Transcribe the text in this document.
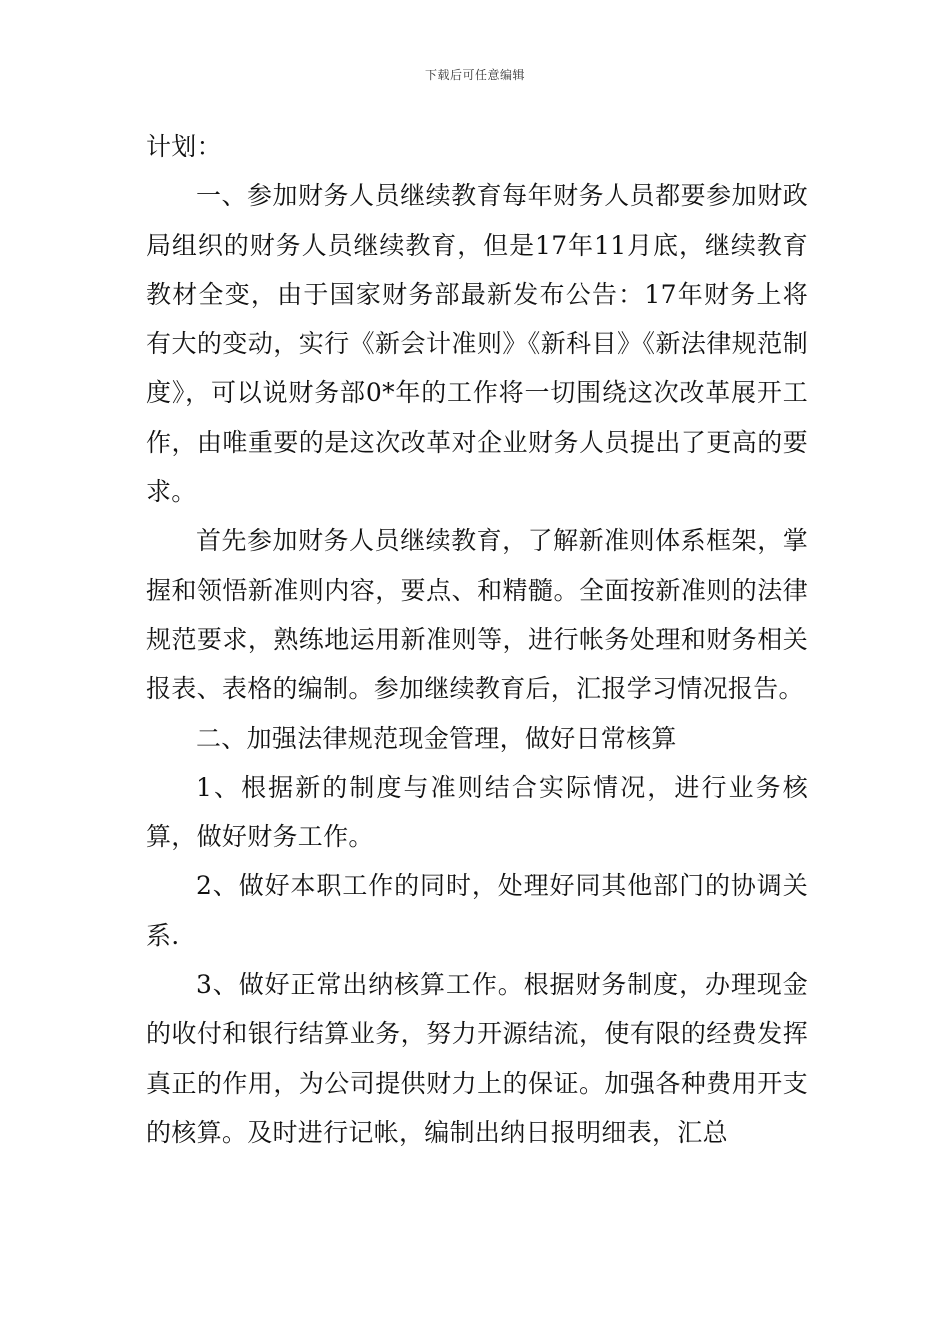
下载后可任意编辑

计划：

一、参加财务人员继续教育每年财务人员都要参加财政局组织的财务人员继续教育，但是17年11月底，继续教育教材全变，由于国家财务部最新发布公告：17年财务上将有大的变动，实行《新会计准则》《新科目》《新法律规范制度》，可以说财务部0*年的工作将一切围绕这次改革展开工作，由唯重要的是这次改革对企业财务人员提出了更高的要求。

首先参加财务人员继续教育，了解新准则体系框架，掌握和领悟新准则内容，要点、和精髓。全面按新准则的法律规范要求，熟练地运用新准则等，进行帐务处理和财务相关报表、表格的编制。参加继续教育后，汇报学习情况报告。

二、加强法律规范现金管理，做好日常核算

1、根据新的制度与准则结合实际情况，进行业务核算，做好财务工作。

2、做好本职工作的同时，处理好同其他部门的协调关系.

3、做好正常出纳核算工作。根据财务制度，办理现金的收付和银行结算业务，努力开源结流，使有限的经费发挥真正的作用，为公司提供财力上的保证。加强各种费用开支的核算。及时进行记帐，编制出纳日报明细表，汇总
